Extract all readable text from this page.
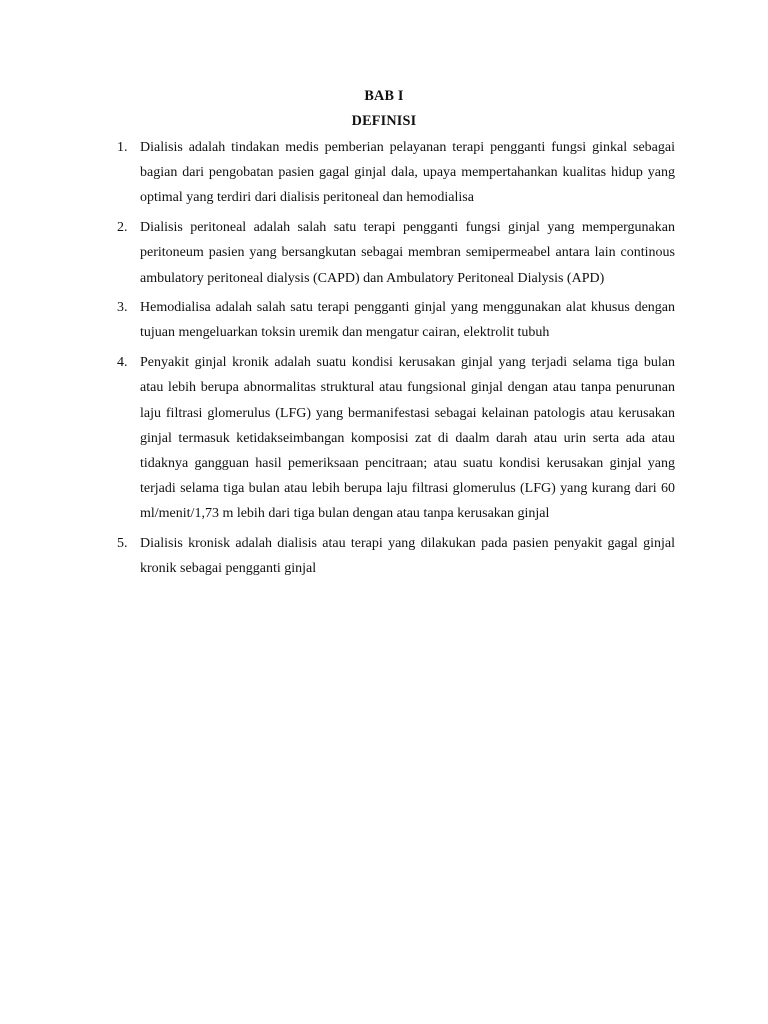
BAB I
DEFINISI
1. Dialisis adalah tindakan medis pemberian pelayanan terapi pengganti fungsi ginkal sebagai bagian dari pengobatan pasien gagal ginjal dala, upaya mempertahankan kualitas hidup yang optimal yang terdiri dari dialisis peritoneal dan hemodialisa
2. Dialisis peritoneal adalah salah satu terapi pengganti fungsi ginjal yang mempergunakan peritoneum pasien yang bersangkutan sebagai membran semipermeabel antara lain continous ambulatory peritoneal dialysis (CAPD) dan Ambulatory Peritoneal Dialysis (APD)
3. Hemodialisa adalah salah satu terapi pengganti ginjal yang menggunakan alat khusus dengan tujuan mengeluarkan toksin uremik dan mengatur cairan, elektrolit tubuh
4. Penyakit ginjal kronik adalah suatu kondisi kerusakan ginjal yang terjadi selama tiga bulan atau lebih berupa abnormalitas struktural atau fungsional ginjal dengan atau tanpa penurunan laju filtrasi glomerulus (LFG) yang bermanifestasi sebagai kelainan patologis atau kerusakan ginjal termasuk ketidakseimbangan komposisi zat di daalm darah atau urin serta ada atau tidaknya gangguan hasil pemeriksaan pencitraan; atau suatu kondisi kerusakan ginjal yang terjadi selama tiga bulan atau lebih berupa laju filtrasi glomerulus (LFG) yang kurang dari 60 ml/menit/1,73 m lebih dari tiga bulan dengan atau tanpa kerusakan ginjal
5. Dialisis kronisk adalah dialisis atau terapi yang dilakukan pada pasien penyakit gagal ginjal kronik sebagai pengganti ginjal
